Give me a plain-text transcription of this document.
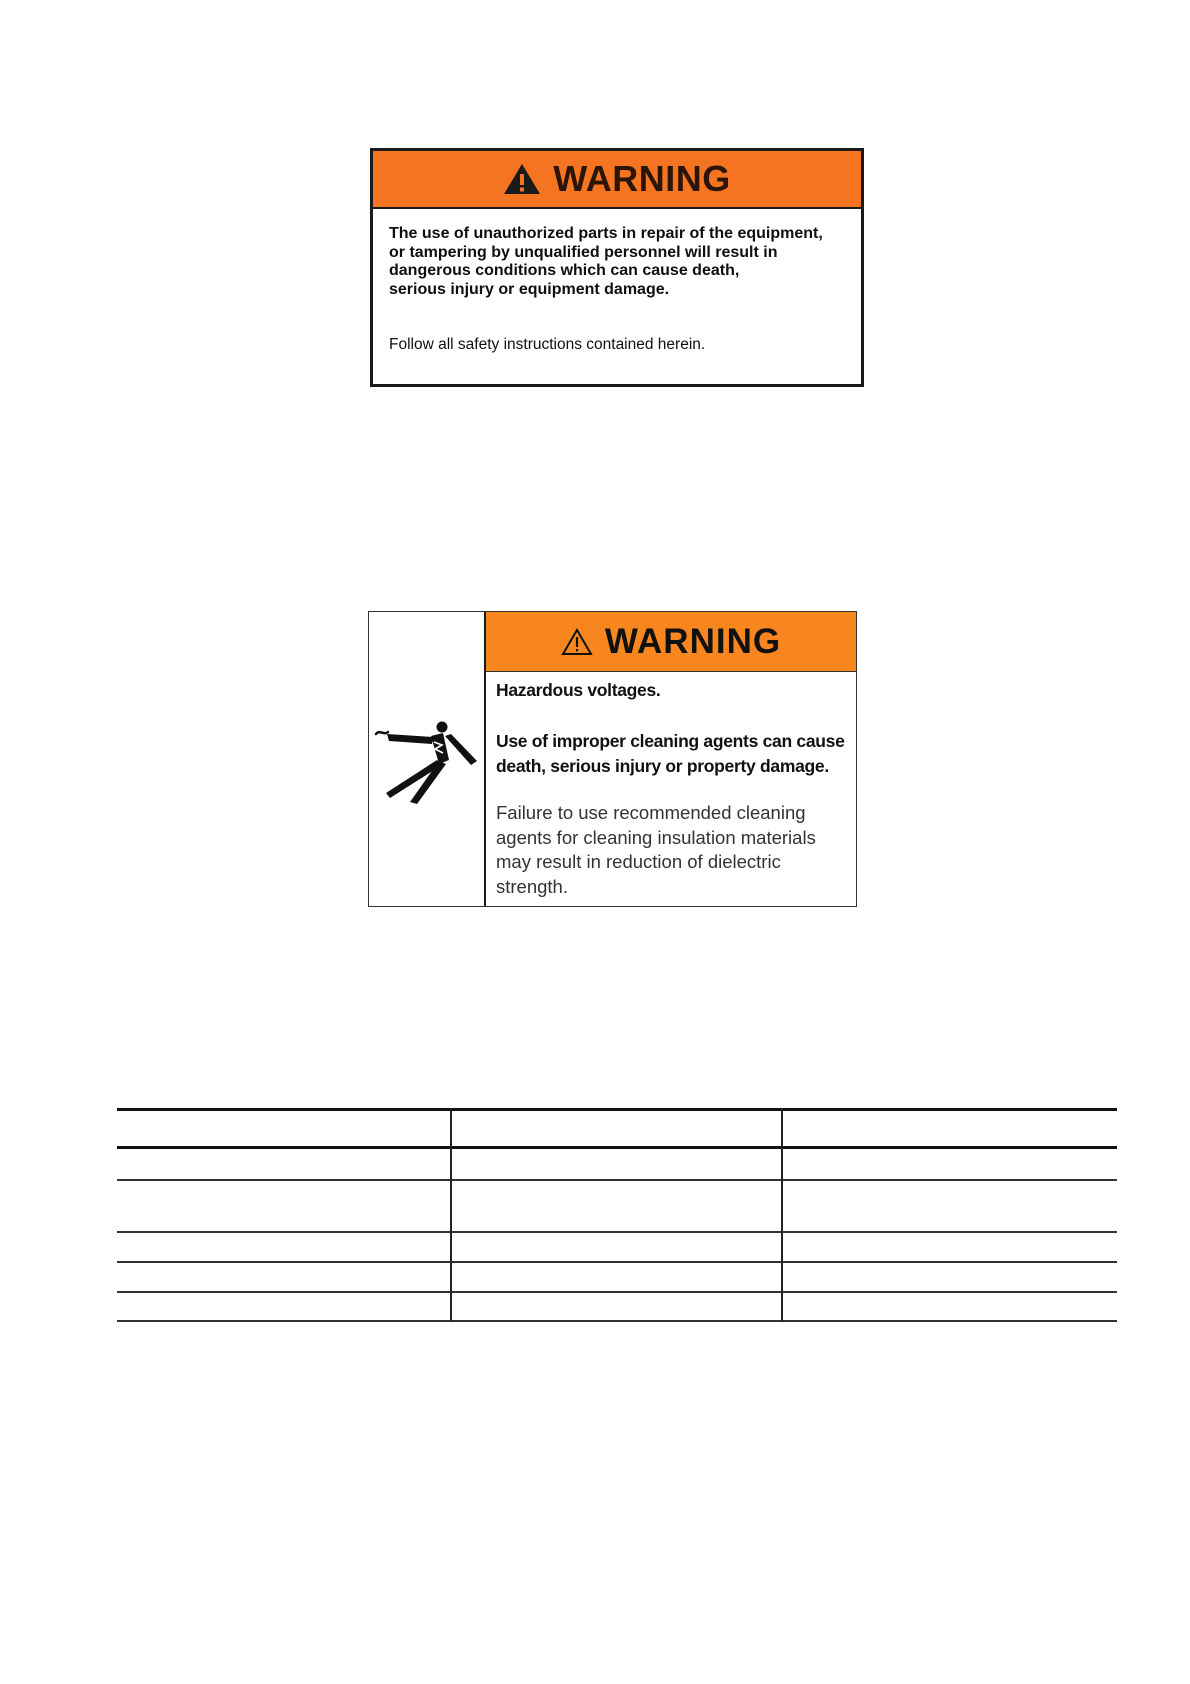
WARNING
The use of unauthorized parts in repair of the equipment,
or tampering by unqualified personnel will result in
dangerous conditions which can cause death,
serious injury or equipment damage.
Follow all safety instructions contained herein.
WARNING
Hazardous voltages.
Use of improper cleaning agents can cause
death, serious injury or property damage.
Failure to use recommended cleaning
agents for cleaning insulation materials
may result in reduction of dielectric
strength.
